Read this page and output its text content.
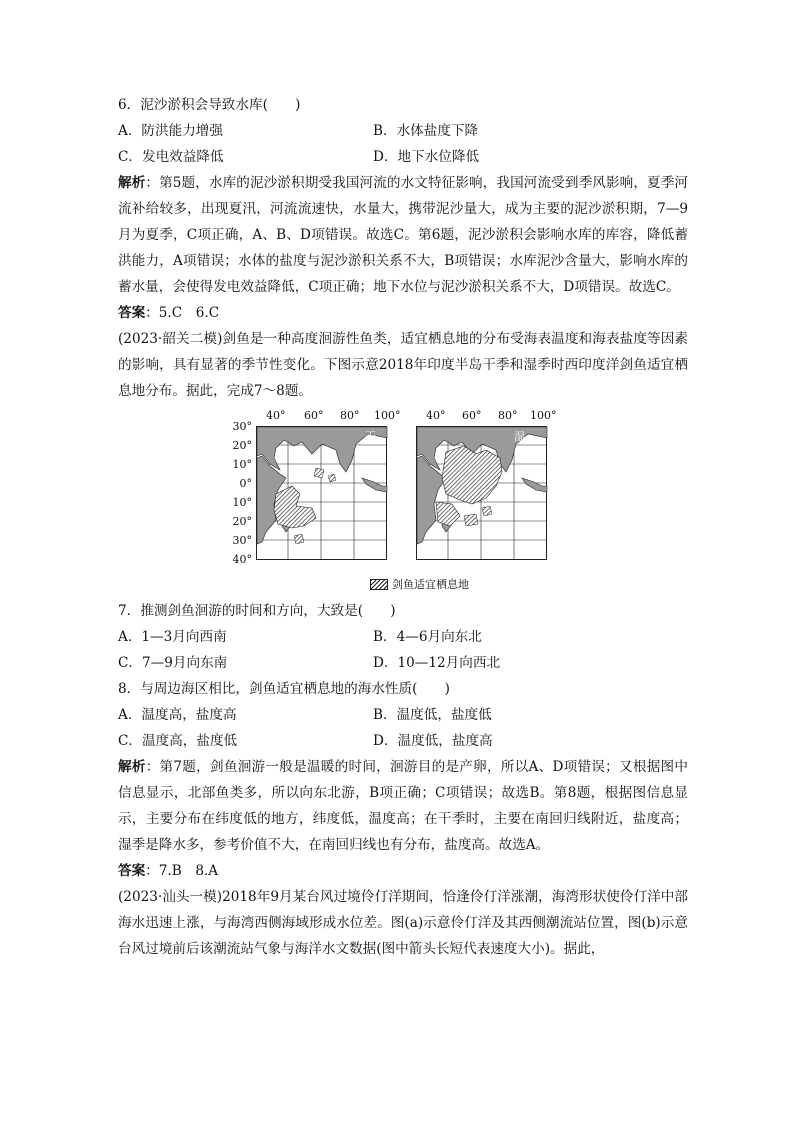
6．泥沙淤积会导致水库(　　)
A．防洪能力增强	B．水体盐度下降
C．发电效益降低	D．地下水位降低
解析：第5题，水库的泥沙淤积期受我国河流的水文特征影响，我国河流受到季风影响，夏季河流补给较多，出现夏汛，河流流速快，水量大，携带泥沙量大，成为主要的泥沙淤积期，7—9月为夏季，C项正确，A、B、D项错误。故选C。第6题，泥沙淤积会影响水库的库容，降低蓄洪能力，A项错误；水体的盐度与泥沙淤积关系不大，B项错误；水库泥沙含量大，影响水库的蓄水量，会使得发电效益降低，C项正确；地下水位与泥沙淤积关系不大，D项错误。故选C。
答案：5.C　6.C
(2023·韶关二模)剑鱼是一种高度洄游性鱼类，适宜栖息地的分布受海表温度和海表盐度等因素的影响，具有显著的季节性变化。下图示意2018年印度半岛干季和湿季时西印度洋剑鱼适宜栖息地分布。据此，完成7～8题。
40° 60° 80° 100°
30°
20°
10°
0°
10°
20°
30°
40°
干季
40° 60° 80° 100°
湿季
剑鱼适宜栖息地
7．推测剑鱼洄游的时间和方向，大致是(　　)
A．1—3月向西南	B．4—6月向东北
C．7—9月向东南	D．10—12月向西北
8．与周边海区相比，剑鱼适宜栖息地的海水性质(　　)
A．温度高，盐度高	B．温度低，盐度低
C．温度高，盐度低	D．温度低，盐度高
解析：第7题，剑鱼洄游一般是温暖的时间，洄游目的是产卵，所以A、D项错误；又根据图中信息显示，北部鱼类多，所以向东北游，B项正确；C项错误；故选B。第8题，根据图信息显示，主要分布在纬度低的地方，纬度低，温度高；在干季时，主要在南回归线附近，盐度高；湿季是降水多，参考价值不大，在南回归线也有分布，盐度高。故选A。
答案：7.B　8.A
(2023·汕头一模)2018年9月某台风过境伶仃洋期间，恰逢伶仃洋涨潮，海湾形状使伶仃洋中部海水迅速上涨，与海湾西侧海域形成水位差。图(a)示意伶仃洋及其西侧潮流站位置，图(b)示意台风过境前后该潮流站气象与海洋水文数据(图中箭头长短代表速度大小)。据此，
